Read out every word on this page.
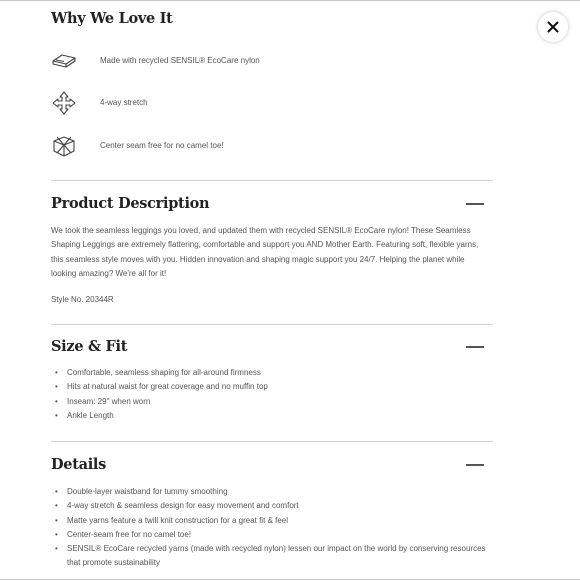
Why We Love It
Made with recycled SENSIL® EcoCare nylon
4-way stretch
Center seam free for no camel toe!
Product Description
We took the seamless leggings you loved, and updated them with recycled SENSIL® EcoCare nylon! These Seamless Shaping Leggings are extremely flattering, comfortable and support you AND Mother Earth. Featuring soft, flexible yarns, this seamless style moves with you. Hidden innovation and shaping magic support you 24/7. Helping the planet while looking amazing? We're all for it!
Style No. 20344R
Size & Fit
• Comfortable, seamless shaping for all-around firmness
• Hits at natural waist for great coverage and no muffin top
• Inseam: 29" when worn
• Ankle Length
Details
• Double-layer waistband for tummy smoothing
• 4-way stretch & seamless design for easy movement and comfort
• Matte yarns feature a twill knit construction for a great fit & feel
• Center-seam free for no camel toe!
• SENSIL® EcoCare recycled yarns (made with recycled nylon) lessen our impact on the world by conserving resources that promote sustainability
